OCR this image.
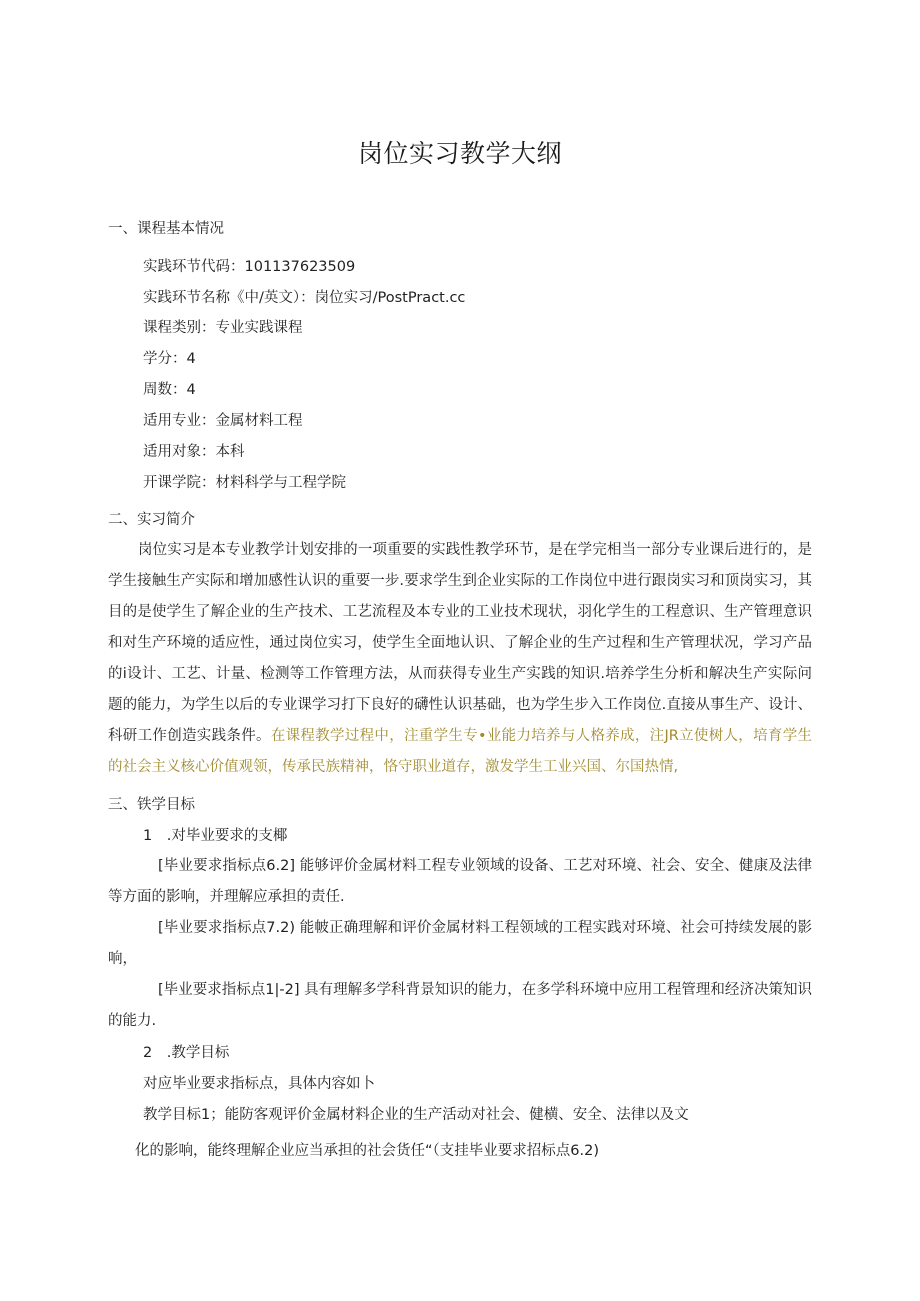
岗位实习教学大纲
一、课程基本情况
实践环节代码：101137623509
实践环节名称《中/英文）：岗位实习/PostPract.cc
课程类别：专业实践课程
学分：4
周数：4
适用专业：金属材料工程
适用对象：本科
开课学院：材料科学与工程学院
二、实习简介
岗位实习是本专业教学计划安排的一项重要的实践性教学环节，是在学完相当一部分专业课后进行的，是学生接触生产实际和增加感性认识的重要一步.要求学生到企业实际的工作岗位中进行跟岗实习和顶岗实习，其目的是使学生了解企业的生产技术、工艺流程及本专业的工业技术现状，羽化学生的工程意识、生产管理意识和对生产环境的适应性，通过岗位实习，使学生全面地认识、了解企业的生产过程和生产管理状况，学习产品的i设计、工艺、计量、检测等工作管理方法，从而获得专业生产实践的知识.培养学生分析和解决生产实际问题的能力，为学生以后的专业课学习打下良好的礴性认识基础，也为学生步入工作岗位.直接从事生产、设计、科研工作创造实践条件。在课程教学过程中，注重学生专•业能力培养与人格养成，注JR立使树人，培育学生的社会主义核心价值观领，传承民族精神，恪守职业道存，激发学生工业兴国、尔国热情,
三、铁学目标
1　.对毕业要求的支椰
[毕业要求指标点6.2] 能够评价金属材料工程专业领域的设备、工艺对环境、社会、安全、健康及法律等方面的影响，并理解应承担的责任.
[毕业要求指标点7.2) 能帔正确理解和评价金属材料工程领域的工程实践对环境、社会可持续发展的影响，
[毕业要求指标点1|-2] 具有理解多学科背景知识的能力，在多学科环境中应用工程管理和经济决策知识的能力.
2　.教学目标
对应毕业要求指标点，具体内容如卜
教学目标1；能防客观评价金属材料企业的生产活动对社会、健横、安全、法律以及文
化的影响，能终理解企业应当承担的社会货任“（支挂毕业要求招标点6.2)
